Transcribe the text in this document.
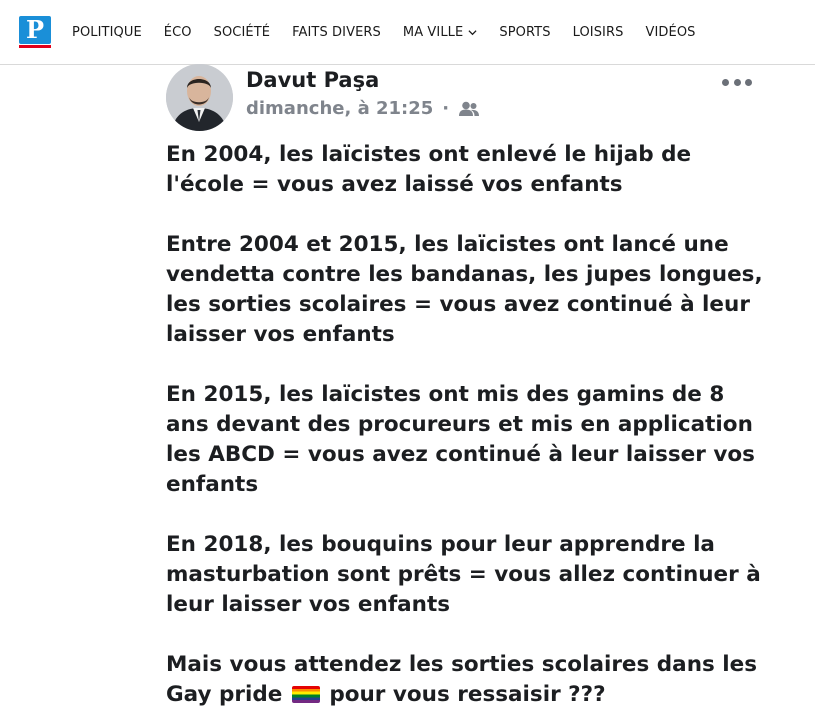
P	POLITIQUE ÉCO SOCIÉTÉ FAITS DIVERS MA VILLE	SPORTS LOISIRS VIDÉOS
Davut Paşa
dimanche, à 21:25 ·

En 2004, les laïcistes ont enlevé le hijab de l'école = vous avez laissé vos enfants

Entre 2004 et 2015, les laïcistes ont lancé une vendetta contre les bandanas, les jupes longues, les sorties scolaires = vous avez continué à leur laisser vos enfants

En 2015, les laïcistes ont mis des gamins de 8 ans devant des procureurs et mis en application les ABCD = vous avez continué à leur laisser vos enfants

En 2018, les bouquins pour leur apprendre la masturbation sont prêts = vous allez continuer à leur laisser vos enfants

Mais vous attendez les sorties scolaires dans les Gay pride pour vous ressaisir ???
